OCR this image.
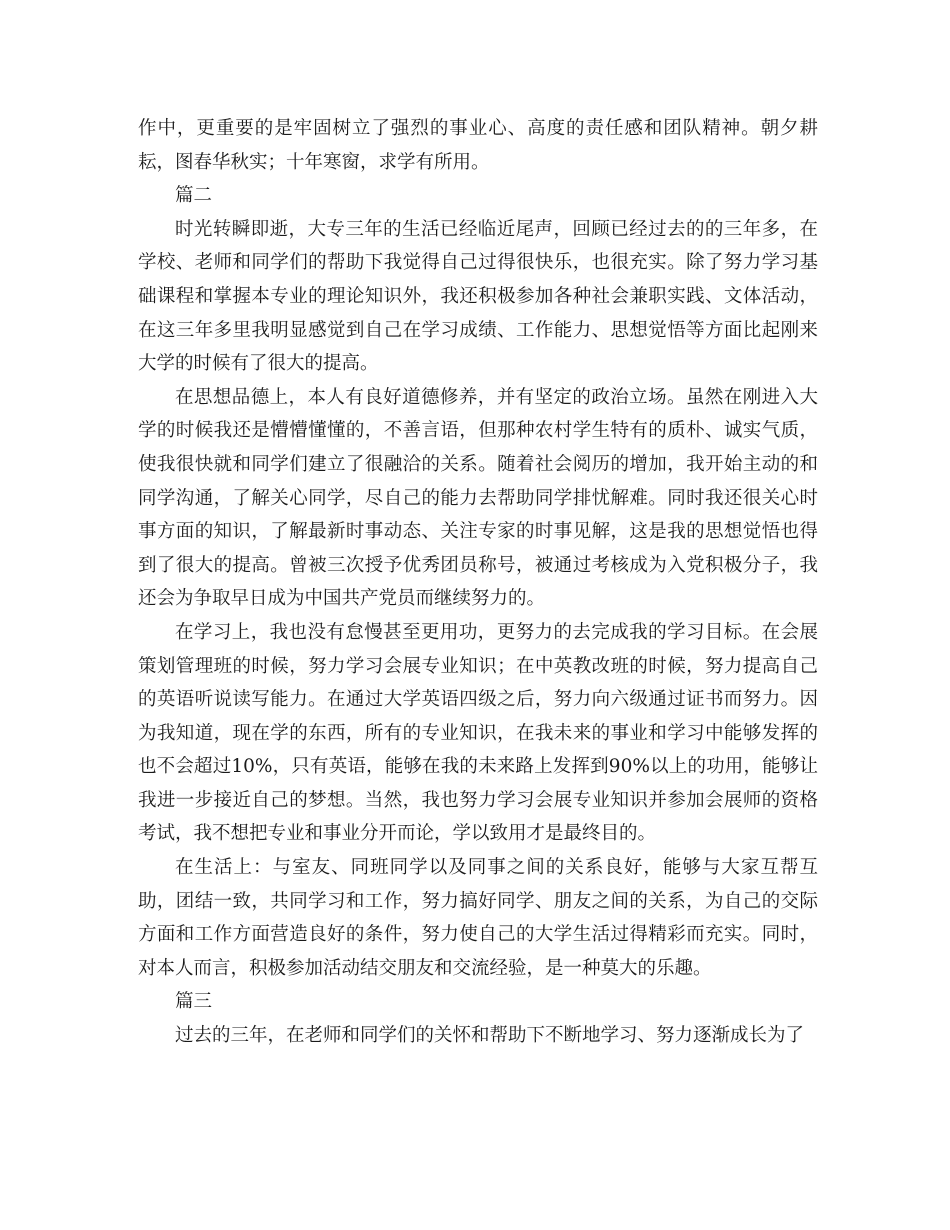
作中，更重要的是牢固树立了强烈的事业心、高度的责任感和团队精神。朝夕耕耘，图春华秋实；十年寒窗，求学有所用。

篇二

时光转瞬即逝，大专三年的生活已经临近尾声，回顾已经过去的的三年多，在学校、老师和同学们的帮助下我觉得自己过得很快乐，也很充实。除了努力学习基础课程和掌握本专业的理论知识外，我还积极参加各种社会兼职实践、文体活动，在这三年多里我明显感觉到自己在学习成绩、工作能力、思想觉悟等方面比起刚来大学的时候有了很大的提高。

在思想品德上，本人有良好道德修养，并有坚定的政治立场。虽然在刚进入大学的时候我还是懵懵懂懂的，不善言语，但那种农村学生特有的质朴、诚实气质，使我很快就和同学们建立了很融洽的关系。随着社会阅历的增加，我开始主动的和同学沟通，了解关心同学，尽自己的能力去帮助同学排忧解难。同时我还很关心时事方面的知识，了解最新时事动态、关注专家的时事见解，这是我的思想觉悟也得到了很大的提高。曾被三次授予优秀团员称号，被通过考核成为入党积极分子，我还会为争取早日成为中国共产党员而继续努力的。

在学习上，我也没有怠慢甚至更用功，更努力的去完成我的学习目标。在会展策划管理班的时候，努力学习会展专业知识；在中英教改班的时候，努力提高自己的英语听说读写能力。在通过大学英语四级之后，努力向六级通过证书而努力。因为我知道，现在学的东西，所有的专业知识，在我未来的事业和学习中能够发挥的也不会超过10%，只有英语，能够在我的未来路上发挥到90%以上的功用，能够让我进一步接近自己的梦想。当然，我也努力学习会展专业知识并参加会展师的资格考试，我不想把专业和事业分开而论，学以致用才是最终目的。

在生活上：与室友、同班同学以及同事之间的关系良好，能够与大家互帮互助，团结一致，共同学习和工作，努力搞好同学、朋友之间的关系，为自己的交际方面和工作方面营造良好的条件，努力使自己的大学生活过得精彩而充实。同时，对本人而言，积极参加活动结交朋友和交流经验，是一种莫大的乐趣。

篇三

过去的三年，在老师和同学们的关怀和帮助下不断地学习、努力逐渐成长为了
